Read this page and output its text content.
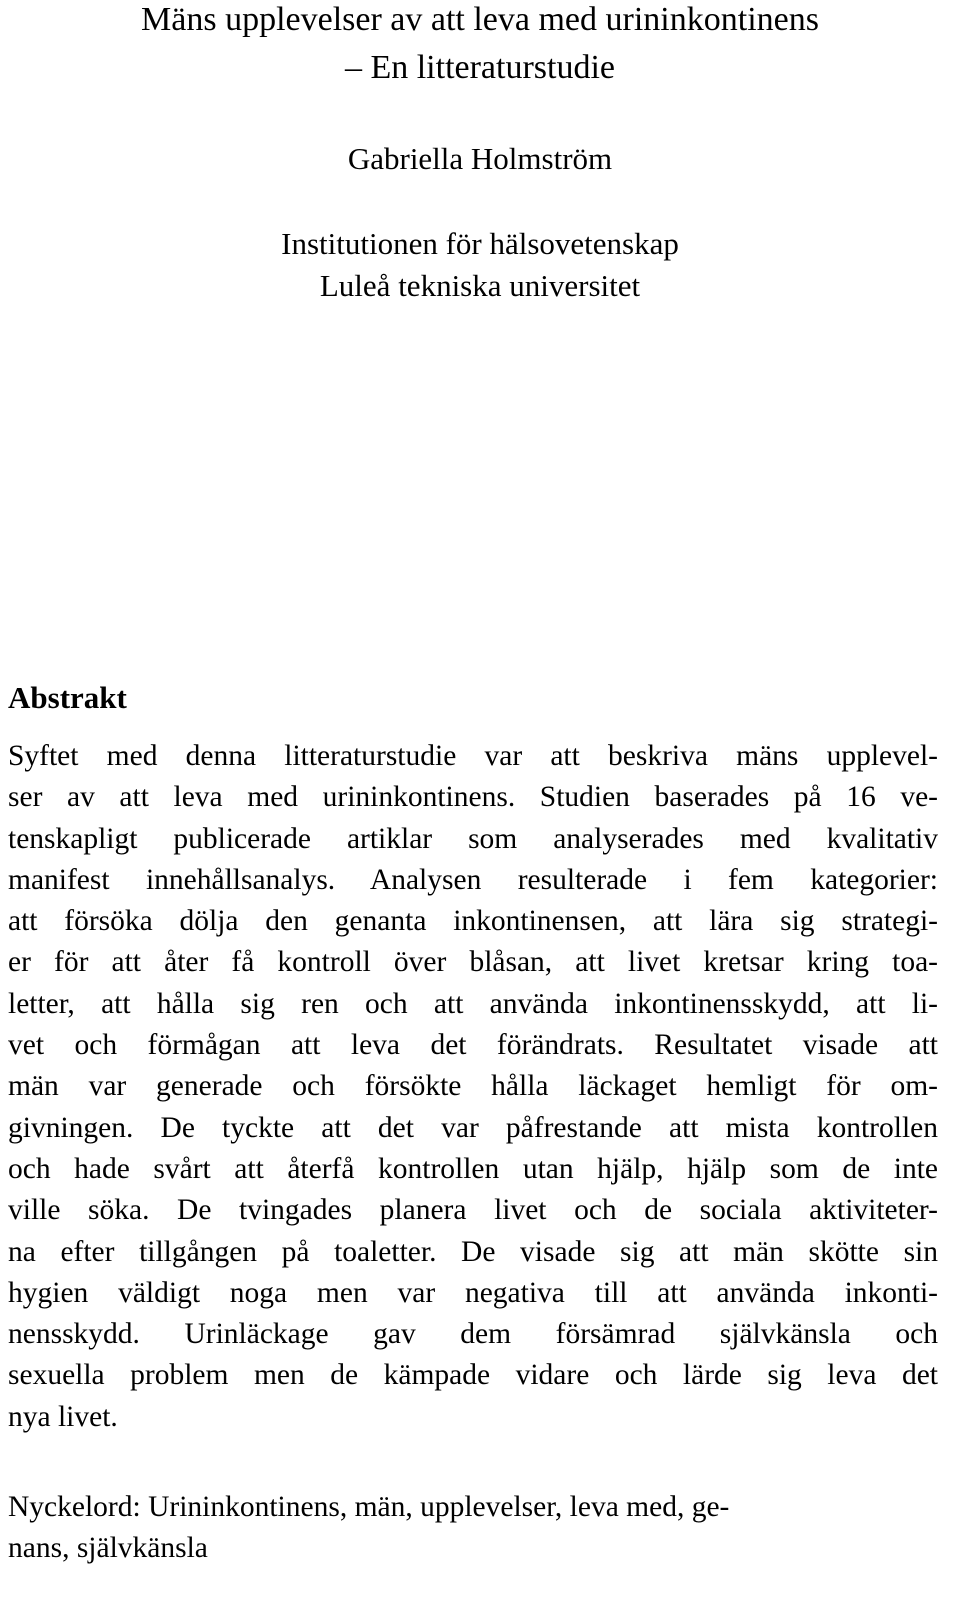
Mäns upplevelser av att leva med urininkontinens
– En litteraturstudie
Gabriella Holmström
Institutionen för hälsovetenskap
Luleå tekniska universitet
Abstrakt
Syftet med denna litteraturstudie var att beskriva mäns upplevel-
ser av att leva med urininkontinens. Studien baserades på 16 ve-
tenskapligt publicerade artiklar som analyserades med kvalitativ
manifest innehållsanalys. Analysen resulterade i fem kategorier:
att försöka dölja den genanta inkontinensen, att lära sig strategi-
er för att åter få kontroll över blåsan, att livet kretsar kring toa-
letter, att hålla sig ren och att använda inkontinensskydd, att li-
vet och förmågan att leva det förändrats. Resultatet visade att
män var generade och försökte hålla läckaget hemligt för om-
givningen. De tyckte att det var påfrestande att mista kontrollen
och hade svårt att återfå kontrollen utan hjälp, hjälp som de inte
ville söka. De tvingades planera livet och de sociala aktiviteter-
na efter tillgången på toaletter. De visade sig att män skötte sin
hygien väldigt noga men var negativa till att använda inkonti-
nensskydd. Urinläckage gav dem försämrad självkänsla och
sexuella problem men de kämpade vidare och lärde sig leva det
nya livet.
Nyckelord: Urininkontinens, män, upplevelser, leva med, ge-
nans, självkänsla
